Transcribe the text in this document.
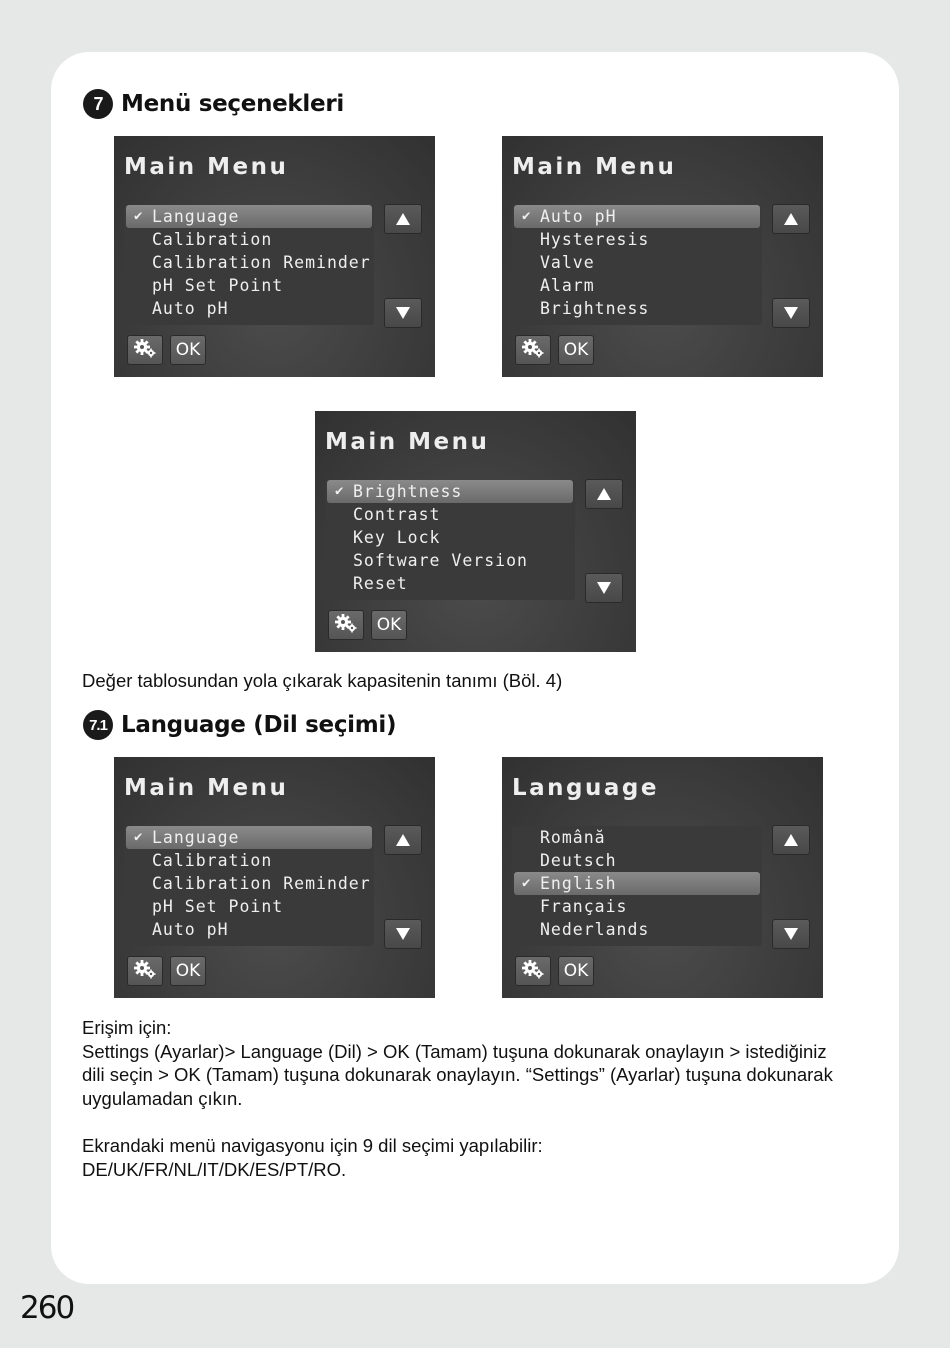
7 Menü seçenekleri
Main Menu
✔ Language
Calibration
Calibration Reminder
pH Set Point
Auto pH
OK
Main Menu
✔ Auto pH
Hysteresis
Valve
Alarm
Brightness
OK
Main Menu
✔ Brightness
Contrast
Key Lock
Software Version
Reset
OK
Değer tablosundan yola çıkarak kapasitenin tanımı (Böl. 4)
7.1 Language (Dil seçimi)
Main Menu
✔ Language
Calibration
Calibration Reminder
pH Set Point
Auto pH
OK
Language
Română
Deutsch
✔ English
Français
Nederlands
OK
Erişim için:
Settings (Ayarlar)> Language (Dil) > OK (Tamam) tuşuna dokunarak onaylayın > istediğiniz
dili seçin > OK (Tamam) tuşuna dokunarak onaylayın. “Settings” (Ayarlar) tuşuna dokunarak
uygulamadan çıkın.
Ekrandaki menü navigasyonu için 9 dil seçimi yapılabilir:
DE/UK/FR/NL/IT/DK/ES/PT/RO.
260
